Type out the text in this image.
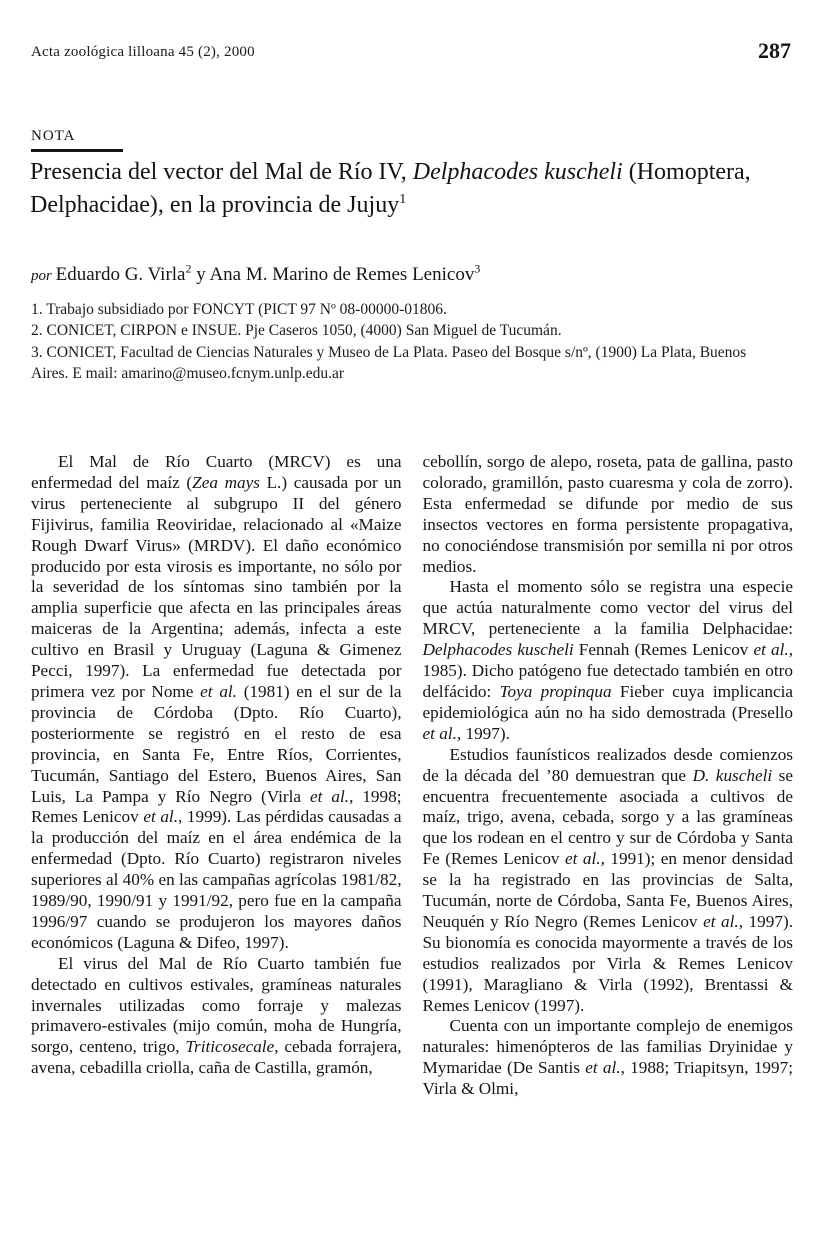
Acta zoológica lilloana 45 (2), 2000	287
NOTA
Presencia del vector del Mal de Río IV, Delphacodes kuscheli (Homoptera, Delphacidae), en la provincia de Jujuy$^1$
por Eduardo G. Virla$^2$ y Ana M. Marino de Remes Lenicov$^3$

1. Trabajo subsidiado por FONCYT (PICT 97 Nº 08-00000-01806.

2. CONICET, CIRPON e INSUE. Pje Caseros 1050, (4000) San Miguel de Tucumán.

3. CONICET, Facultad de Ciencias Naturales y Museo de La Plata. Paseo del Bosque s/nº, (1900) La Plata, Buenos Aires. E mail: amarino@museo.fcnym.unlp.edu.ar

El Mal de Río Cuarto (MRCV) es una enfermedad del maíz (Zea mays L.) causada por un virus perteneciente al subgrupo II del género Fijivirus, familia Reoviridae, relacionado al «Maize Rough Dwarf Virus» (MRDV). El daño económico producido por esta virosis es importante, no sólo por la severidad de los síntomas sino también por la amplia superficie que afecta en las principales áreas maiceras de la Argentina; además, infecta a este cultivo en Brasil y Uruguay (Laguna & Gimenez Pecci, 1997). La enfermedad fue detectada por primera vez por Nome et al. (1981) en el sur de la provincia de Córdoba (Dpto. Río Cuarto), posteriormente se registró en el resto de esa provincia, en Santa Fe, Entre Ríos, Corrientes, Tucumán, Santiago del Estero, Buenos Aires, San Luis, La Pampa y Río Negro (Virla et al., 1998; Remes Lenicov et al., 1999). Las pérdidas causadas a la producción del maíz en el área endémica de la enfermedad (Dpto. Río Cuarto) registraron niveles superiores al 40% en las campañas agrícolas 1981/82, 1989/90, 1990/91 y 1991/92, pero fue en la campaña 1996/97 cuando se produjeron los mayores daños económicos (Laguna & Difeo, 1997).

El virus del Mal de Río Cuarto también fue detectado en cultivos estivales, gramíneas naturales invernales utilizadas como forraje y malezas primavero-estivales (mijo común, moha de Hungría, sorgo, centeno, trigo, Triticosecale, cebada forrajera, avena, cebadilla criolla, caña de Castilla, gramón,

cebollín, sorgo de alepo, roseta, pata de gallina, pasto colorado, gramillón, pasto cuaresma y cola de zorro). Esta enfermedad se difunde por medio de sus insectos vectores en forma persistente propagativa, no conociéndose transmisión por semilla ni por otros medios.

Hasta el momento sólo se registra una especie que actúa naturalmente como vector del virus del MRCV, perteneciente a la familia Delphacidae: Delphacodes kuscheli Fennah (Remes Lenicov et al., 1985). Dicho patógeno fue detectado también en otro delfácido: Toya propinqua Fieber cuya implicancia epidemiológica aún no ha sido demostrada (Presello et al., 1997).

Estudios faunísticos realizados desde comienzos de la década del ’80 demuestran que D. kuscheli se encuentra frecuentemente asociada a cultivos de maíz, trigo, avena, cebada, sorgo y a las gramíneas que los rodean en el centro y sur de Córdoba y Santa Fe (Remes Lenicov et al., 1991); en menor densidad se la ha registrado en las provincias de Salta, Tucumán, norte de Córdoba, Santa Fe, Buenos Aires, Neuquén y Río Negro (Remes Lenicov et al., 1997). Su bionomía es conocida mayormente a través de los estudios realizados por Virla & Remes Lenicov (1991), Maragliano & Virla (1992), Brentassi & Remes Lenicov (1997).

Cuenta con un importante complejo de enemigos naturales: himenópteros de las familias Dryinidae y Mymaridae (De Santis et al., 1988; Triapitsyn, 1997; Virla & Olmi,
